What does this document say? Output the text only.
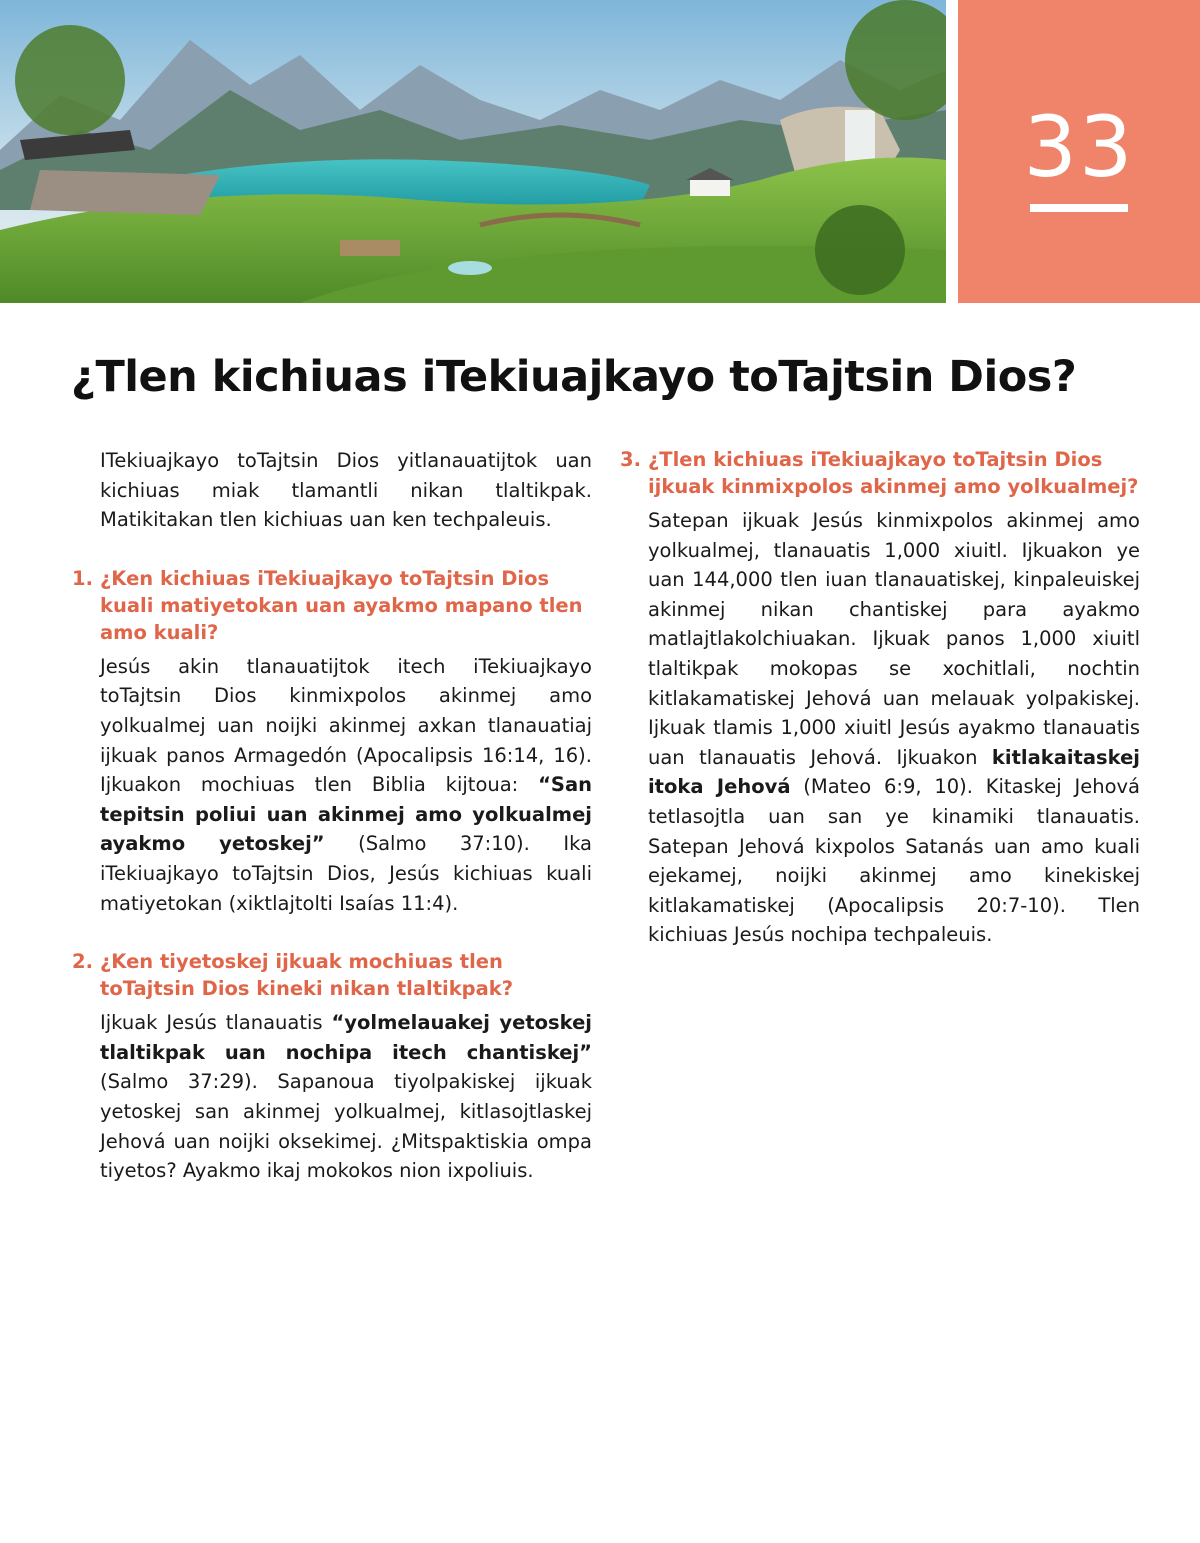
33
¿Tlen kichiuas iTekiuajkayo toTajtsin Dios?

ITekiuajkayo toTajtsin Dios yitlanauatijtok uan kichiuas miak tlamantli nikan tlaltikpak. Matikitakan tlen kichiuas uan ken techpaleuis.

1. ¿Ken kichiuas iTekiuajkayo toTajtsin Dios kuali matiyetokan uan ayakmo mapano tlen amo kuali?

Jesús akin tlanauatijtok itech iTekiuajkayo toTajtsin Dios kinmixpolos akinmej amo yolkualmej uan noijki akinmej axkan tlanauatiaj ijkuak panos Armagedón (Apocalipsis 16:14, 16). Ijkuakon mochiuas tlen Biblia kijtoua: “San tepitsin poliui uan akinmej amo yolkualmej ayakmo yetoskej” (Salmo 37:10). Ika iTekiuajkayo toTajtsin Dios, Jesús kichiuas kuali matiyetokan (xiktlajtolti Isaías 11:4).

2. ¿Ken tiyetoskej ijkuak mochiuas tlen toTajtsin Dios kineki nikan tlaltikpak?

Ijkuak Jesús tlanauatis “yolmelauakej yetoskej tlaltikpak uan nochipa itech chantiskej” (Salmo 37:29). Sapanoua tiyolpakiskej ijkuak yetoskej san akinmej yolkualmej, kitlasojtlaskej Jehová uan noijki oksekimej. ¿Mitspaktiskia ompa tiyetos? Ayakmo ikaj mokokos nion ixpoliuis.

3. ¿Tlen kichiuas iTekiuajkayo toTajtsin Dios ijkuak kinmixpolos akinmej amo yolkualmej?

Satepan ijkuak Jesús kinmixpolos akinmej amo yolkualmej, tlanauatis 1,000 xiuitl. Ijkuakon ye uan 144,000 tlen iuan tlanauatiskej, kinpaleuiskej akinmej nikan chantiskej para ayakmo matlajtlakolchiuakan. Ijkuak panos 1,000 xiuitl tlaltikpak mokopas se xochitlali, nochtin kitlakamatiskej Jehová uan melauak yolpakiskej. Ijkuak tlamis 1,000 xiuitl Jesús ayakmo tlanauatis uan tlanauatis Jehová. Ijkuakon kitlakaitaskej itoka Jehová (Mateo 6:9, 10). Kitaskej Jehová tetlasojtla uan san ye kinamiki tlanauatis. Satepan Jehová kixpolos Satanás uan amo kuali ejekamej, noijki akinmej amo kinekiskej kitlakamatiskej (Apocalipsis 20:7-10). Tlen kichiuas Jesús nochipa techpaleuis.
